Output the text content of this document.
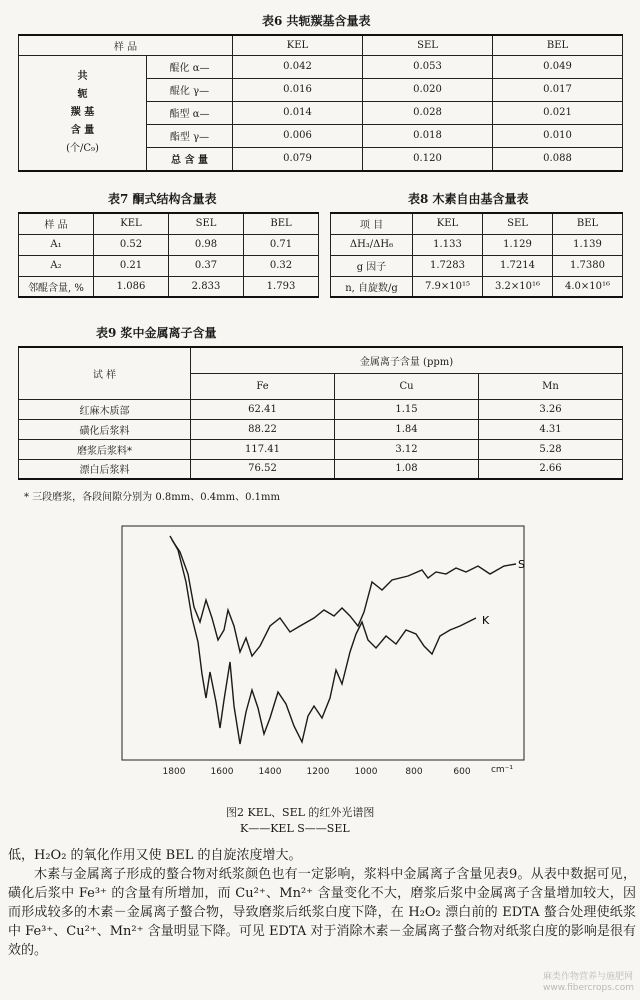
表6 共轭羰基含量表
样 品		KEL	SEL	BEL

共
轭
羰 基
含 量
(个/C₉)	醌化 α—	0.042	0.053	0.049
	醌化 γ—	0.016	0.020	0.017
	酯型 α—	0.014	0.028	0.021
	酯型 γ—	0.006	0.018	0.010
	总 含 量	0.079	0.120	0.088
表7 酮式结构含量表
样 品	KEL	SEL	BEL
A₁	0.52	0.98	0.71
A₂	0.21	0.37	0.32
邻醌含量, %	1.086	2.833	1.793
表8 木素自由基含量表
项 目	KEL	SEL	BEL
ΔH₃/ΔH₆	1.133	1.129	1.139
g 因子	1.7283	1.7214	1.7380
n, 自旋数/g	7.9×10¹⁵	3.2×10¹⁶	4.0×10¹⁶
表9 浆中金属离子含量
试 样	金属离子含量 (ppm)		
	Fe	Cu	Mn
红麻木质部	62.41	1.15	3.26
磺化后浆料	88.22	1.84	4.31
磨浆后浆料*	117.41	3.12	5.28
漂白后浆料	76.52	1.08	2.66
* 三段磨浆，各段间隙分别为 0.8mm、0.4mm、0.1mm
S
K
1800	1600	1400	1200	1000	800	600 cm⁻¹
图2 KEL、SEL 的红外光谱图
K——KEL S——SEL

低，H₂O₂ 的氧化作用又使 BEL 的自旋浓度增大。

木素与金属离子形成的螯合物对纸浆颜色也有一定影响，浆料中金属离子含量见表9。从表中数据可见，磺化后浆中 Fe³⁺ 的含量有所增加，而 Cu²⁺、Mn²⁺ 含量变化不大，磨浆后浆中金属离子含量增加较大，因而形成较多的木素－金属离子螯合物，导致磨浆后纸浆白度下降，在 H₂O₂ 漂白前的 EDTA 螯合处理使纸浆中 Fe³⁺、Cu²⁺、Mn²⁺ 含量明显下降。可见 EDTA 对于消除木素－金属离子螯合物对纸浆白度的影响是很有效的。

麻类作物营养与施肥网
www.fibercrops.com
